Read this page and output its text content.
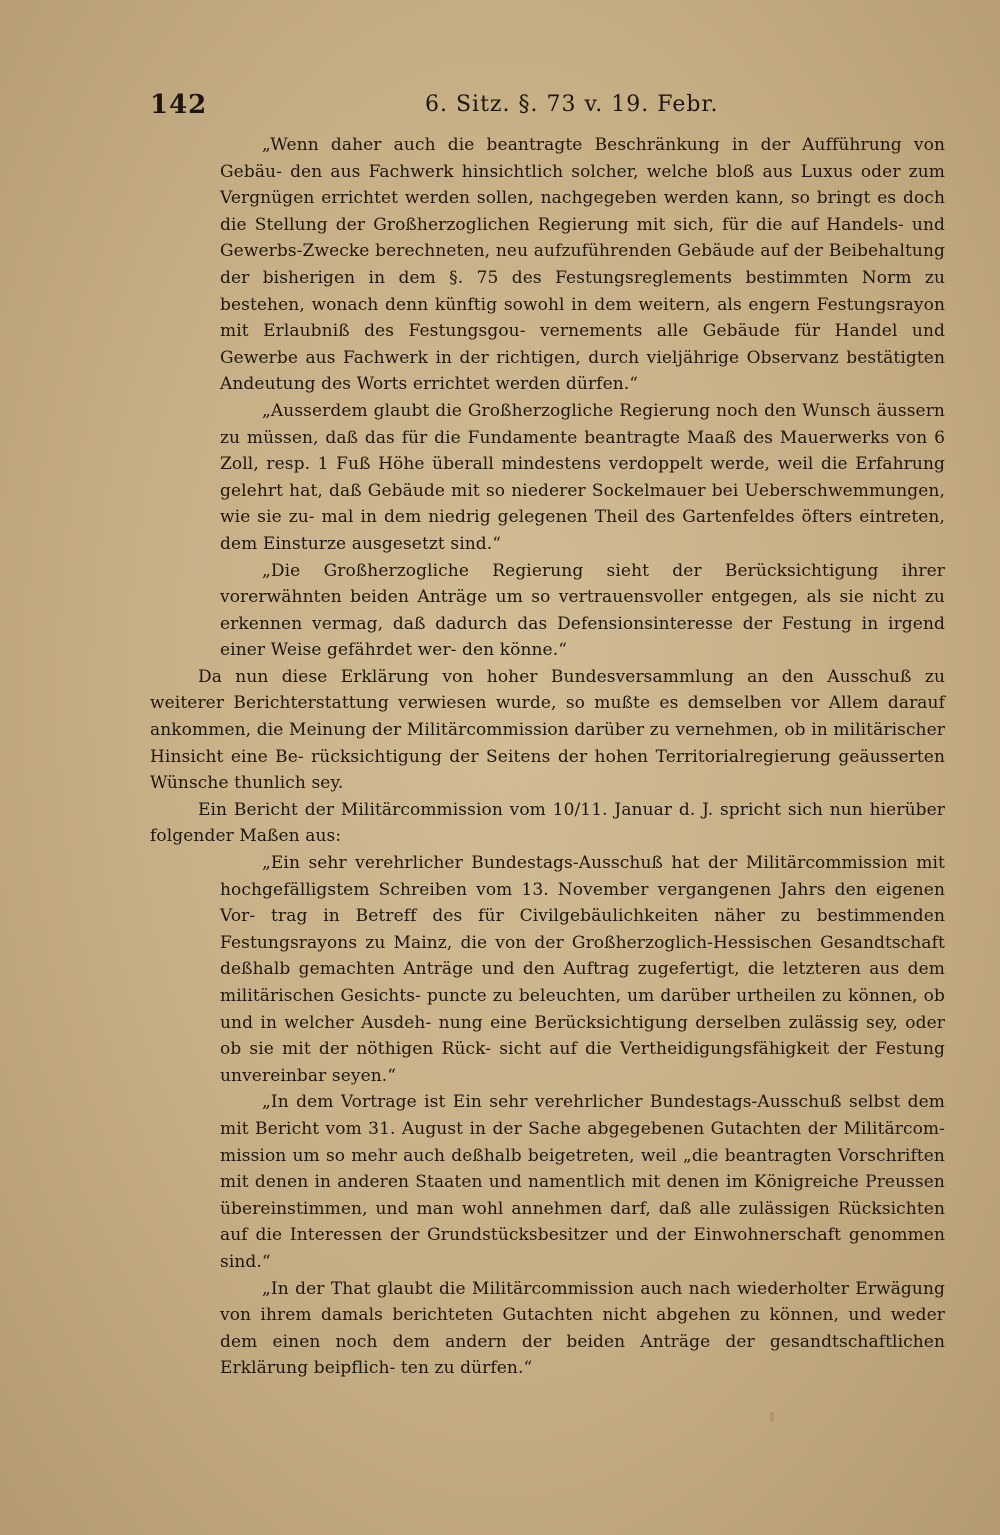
142	6. Sitz. §. 73 v. 19. Febr.

„Wenn daher auch die beantragte Beschränkung in der Aufführung von Gebäu- den aus Fachwerk hinsichtlich solcher, welche bloß aus Luxus oder zum Vergnügen errichtet werden sollen, nachgegeben werden kann, so bringt es doch die Stellung der Großherzoglichen Regierung mit sich, für die auf Handels- und Gewerbs-Zwecke berechneten, neu aufzuführenden Gebäude auf der Beibehaltung der bisherigen in dem §. 75 des Festungsreglements bestimmten Norm zu bestehen, wonach denn künftig sowohl in dem weitern, als engern Festungsrayon mit Erlaubniß des Festungsgou- vernements alle Gebäude für Handel und Gewerbe aus Fachwerk in der richtigen, durch vieljährige Observanz bestätigten Andeutung des Worts errichtet werden dürfen.“

„Ausserdem glaubt die Großherzogliche Regierung noch den Wunsch äussern zu müssen, daß das für die Fundamente beantragte Maaß des Mauerwerks von 6 Zoll, resp. 1 Fuß Höhe überall mindestens verdoppelt werde, weil die Erfahrung gelehrt hat, daß Gebäude mit so niederer Sockelmauer bei Ueberschwemmungen, wie sie zu- mal in dem niedrig gelegenen Theil des Gartenfeldes öfters eintreten, dem Einsturze ausgesetzt sind.“

„Die Großherzogliche Regierung sieht der Berücksichtigung ihrer vorerwähnten beiden Anträge um so vertrauensvoller entgegen, als sie nicht zu erkennen vermag, daß dadurch das Defensionsinteresse der Festung in irgend einer Weise gefährdet wer- den könne.“

Da nun diese Erklärung von hoher Bundesversammlung an den Ausschuß zu weiterer Berichterstattung verwiesen wurde, so mußte es demselben vor Allem darauf ankommen, die Meinung der Militärcommission darüber zu vernehmen, ob in militärischer Hinsicht eine Be- rücksichtigung der Seitens der hohen Territorialregierung geäusserten Wünsche thunlich sey.

Ein Bericht der Militärcommission vom 10/11. Januar d. J. spricht sich nun hierüber folgender Maßen aus:

„Ein sehr verehrlicher Bundestags-Ausschuß hat der Militärcommission mit hochgefälligstem Schreiben vom 13. November vergangenen Jahrs den eigenen Vor- trag in Betreff des für Civilgebäulichkeiten näher zu bestimmenden Festungsrayons zu Mainz, die von der Großherzoglich-Hessischen Gesandtschaft deßhalb gemachten Anträge und den Auftrag zugefertigt, die letzteren aus dem militärischen Gesichts- puncte zu beleuchten, um darüber urtheilen zu können, ob und in welcher Ausdeh- nung eine Berücksichtigung derselben zulässig sey, oder ob sie mit der nöthigen Rück- sicht auf die Vertheidigungsfähigkeit der Festung unvereinbar seyen.“

„In dem Vortrage ist Ein sehr verehrlicher Bundestags-Ausschuß selbst dem mit Bericht vom 31. August in der Sache abgegebenen Gutachten der Militärcom- mission um so mehr auch deßhalb beigetreten, weil „die beantragten Vorschriften mit denen in anderen Staaten und namentlich mit denen im Königreiche Preussen übereinstimmen, und man wohl annehmen darf, daß alle zulässigen Rücksichten auf die Interessen der Grundstücksbesitzer und der Einwohnerschaft genommen sind.“

„In der That glaubt die Militärcommission auch nach wiederholter Erwägung von ihrem damals berichteten Gutachten nicht abgehen zu können, und weder dem einen noch dem andern der beiden Anträge der gesandtschaftlichen Erklärung beipflich- ten zu dürfen.“
